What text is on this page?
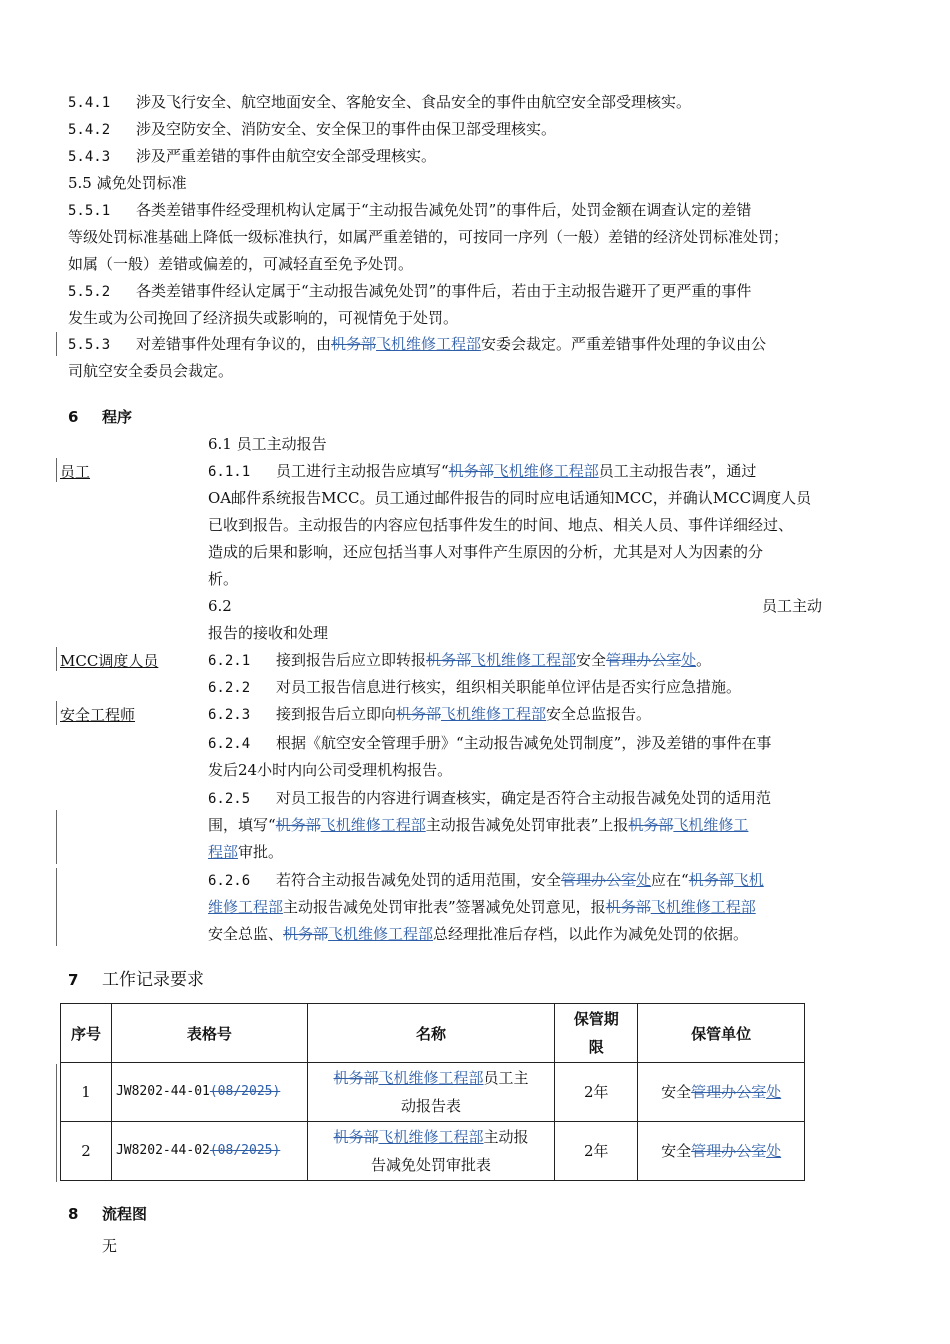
5.4.1 涉及飞行安全、航空地面安全、客舱安全、食品安全的事件由航空安全部受理核实。
5.4.2 涉及空防安全、消防安全、安全保卫的事件由保卫部受理核实。
5.4.3 涉及严重差错的事件由航空安全部受理核实。
5.5 减免处罚标准
5.5.1 各类差错事件经受理机构认定属于“主动报告减免处罚”的事件后，处罚金额在调查认定的差错
等级处罚标准基础上降低一级标准执行，如属严重差错的，可按同一序列（一般）差错的经济处罚标准处罚；
如属（一般）差错或偏差的，可减轻直至免予处罚。
5.5.2 各类差错事件经认定属于“主动报告减免处罚”的事件后，若由于主动报告避开了更严重的事件
发生或为公司挽回了经济损失或影响的，可视情免于处罚。
5.5.3 对差错事件处理有争议的，由机务部飞机维修工程部安委会裁定。严重差错事件处理的争议由公
司航空安全委员会裁定。
6 程序
6.1 员工主动报告
员工	6.1.1 员工进行主动报告应填写“机务部飞机维修工程部员工主动报告表”，通过
OA邮件系统报告MCC。员工通过邮件报告的同时应电话通知MCC，并确认MCC调度人员
已收到报告。主动报告的内容应包括事件发生的时间、地点、相关人员、事件详细经过、
造成的后果和影响，还应包括当事人对事件产生原因的分析，尤其是对人为因素的分
析。
6.2	员工主动
报告的接收和处理
MCC调度人员	6.2.1 接到报告后应立即转报机务部飞机维修工程部安全管理办公室处。
6.2.2 对员工报告信息进行核实，组织相关职能单位评估是否实行应急措施。
安全工程师	6.2.3 接到报告后立即向机务部飞机维修工程部安全总监报告。
6.2.4 根据《航空安全管理手册》“主动报告减免处罚制度”，涉及差错的事件在事
发后24小时内向公司受理机构报告。
6.2.5 对员工报告的内容进行调查核实，确定是否符合主动报告减免处罚的适用范
围，填写“机务部飞机维修工程部主动报告减免处罚审批表”上报机务部飞机维修工
程部审批。
6.2.6 若符合主动报告减免处罚的适用范围，安全管理办公室处应在“机务部飞机
维修工程部主动报告减免处罚审批表”签署减免处罚意见，报机务部飞机维修工程部
安全总监、机务部飞机维修工程部总经理批准后存档，以此作为减免处罚的依据。
7 工作记录要求
序号	表格号	名称	保管期限	保管单位
1	JW8202-44-01(08/2025)	机务部飞机维修工程部员工主
动报告表	2年	安全管理办公室处
2	JW8202-44-02(08/2025)	机务部飞机维修工程部主动报
告减免处罚审批表	2年	安全管理办公室处
8 流程图
无
